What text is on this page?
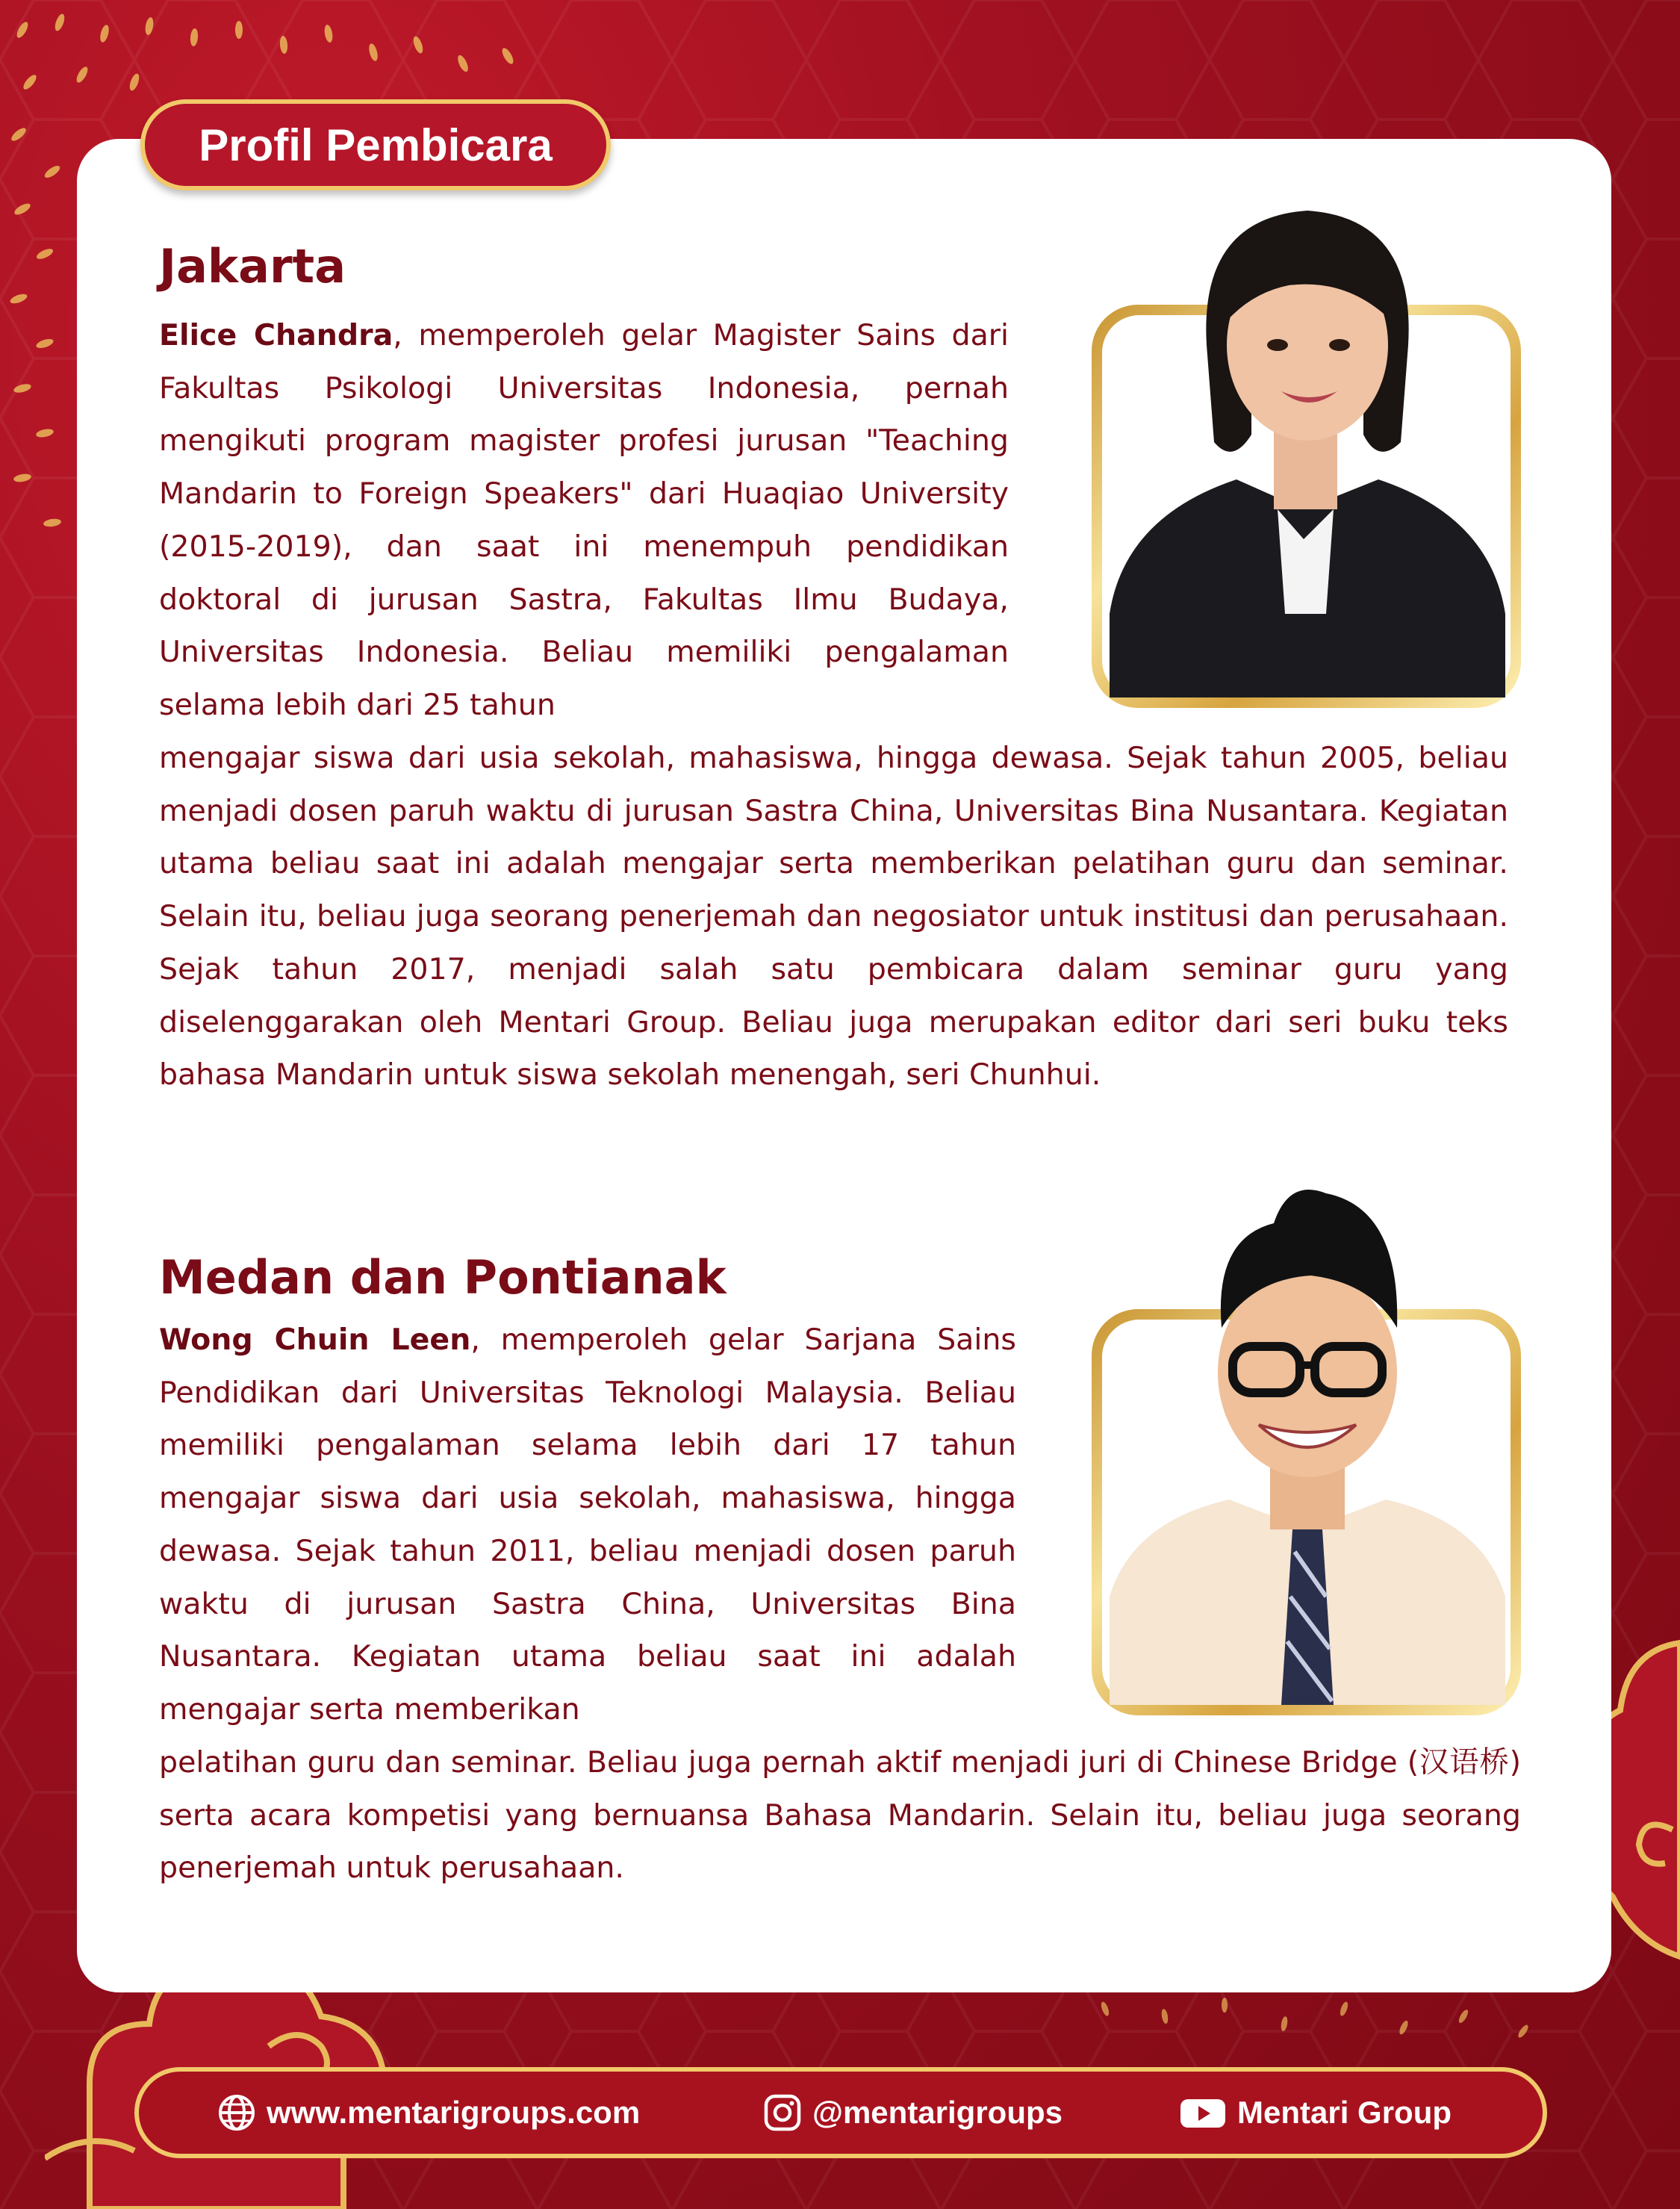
Profil Pembicara
Jakarta

Elice Chandra, memperoleh gelar Magister Sains dari Fakultas Psikologi Universitas Indonesia, pernah mengikuti program magister profesi jurusan "Teaching Mandarin to Foreign Speakers" dari Huaqiao University (2015-2019), dan saat ini menempuh pendidikan doktoral di jurusan Sastra, Fakultas Ilmu Budaya, Universitas Indonesia. Beliau memiliki pengalaman selama lebih dari 25 tahun

mengajar siswa dari usia sekolah, mahasiswa, hingga dewasa. Sejak tahun 2005, beliau menjadi dosen paruh waktu di jurusan Sastra China, Universitas Bina Nusantara. Kegiatan utama beliau saat ini adalah mengajar serta memberikan pelatihan guru dan seminar. Selain itu, beliau juga seorang penerjemah dan negosiator untuk institusi dan perusahaan. Sejak tahun 2017, menjadi salah satu pembicara dalam seminar guru yang diselenggarakan oleh Mentari Group. Beliau juga merupakan editor dari seri buku teks bahasa Mandarin untuk siswa sekolah menengah, seri Chunhui.

Medan dan Pontianak

Wong Chuin Leen, memperoleh gelar Sarjana Sains Pendidikan dari Universitas Teknologi Malaysia. Beliau memiliki pengalaman selama lebih dari 17 tahun mengajar siswa dari usia sekolah, mahasiswa, hingga dewasa. Sejak tahun 2011, beliau menjadi dosen paruh waktu di jurusan Sastra China, Universitas Bina Nusantara. Kegiatan utama beliau saat ini adalah mengajar serta memberikan

pelatihan guru dan seminar. Beliau juga pernah aktif menjadi juri di Chinese Bridge (汉语桥) serta acara kompetisi yang bernuansa Bahasa Mandarin. Selain itu, beliau juga seorang penerjemah untuk perusahaan.

www.mentarigroups.com	@mentarigroups	Mentari Group
